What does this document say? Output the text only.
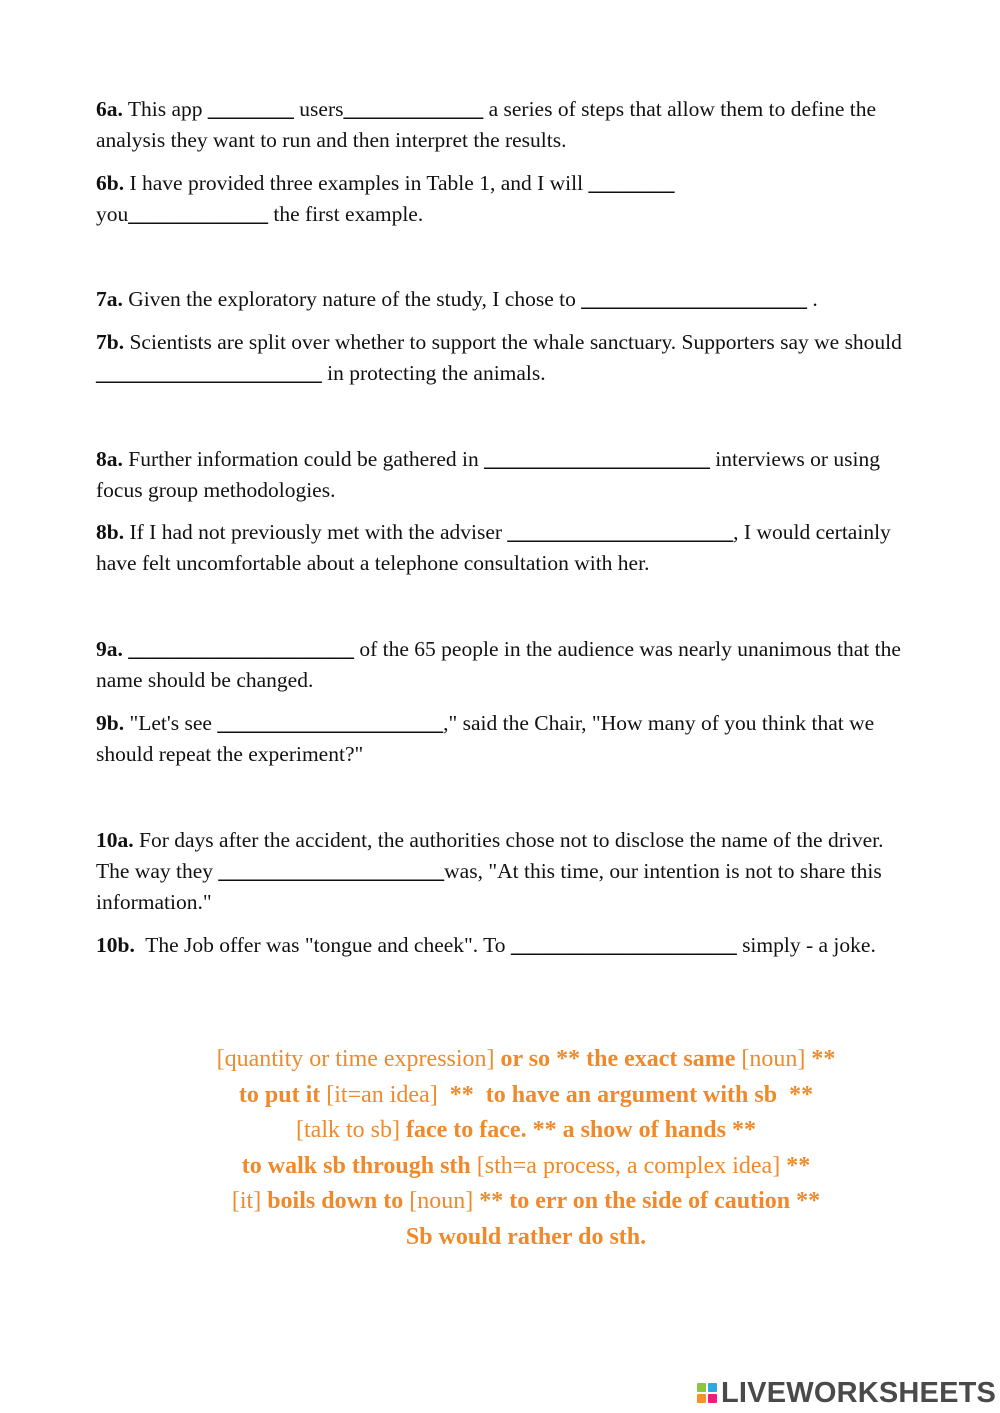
6a. This app ________ users_____________ a series of steps that allow them to define the analysis they want to run and then interpret the results.

6b. I have provided three examples in Table 1, and I will ________ you_____________ the first example.

7a. Given the exploratory nature of the study, I chose to _____________________ .

7b. Scientists are split over whether to support the whale sanctuary. Supporters say we should  _____________________ in protecting the animals.

8a. Further information could be gathered in _____________________ interviews or using focus group methodologies.

8b. If I had not previously met with the adviser _____________________, I would certainly have felt uncomfortable about a telephone consultation with her.

9a. _____________________ of the 65 people in the audience was nearly unanimous that the name should be changed.

9b. "Let's see _____________________," said the Chair, "How many of you think that we should repeat the experiment?"

10a. For days after the accident, the authorities chose not to disclose the name of the driver. The way they _____________________was, "At this time, our intention is not to share this information."

10b.  The Job offer was "tongue and cheek". To _____________________ simply - a joke.

[quantity or time expression] or so ** the exact same [noun] **
to put it [it=an idea]  **  to have an argument with sb  **
[talk to sb] face to face. ** a show of hands **
to walk sb through sth [sth=a process, a complex idea] **
[it] boils down to [noun] ** to err on the side of caution **
Sb would rather do sth.
LIVEWORKSHEETS
